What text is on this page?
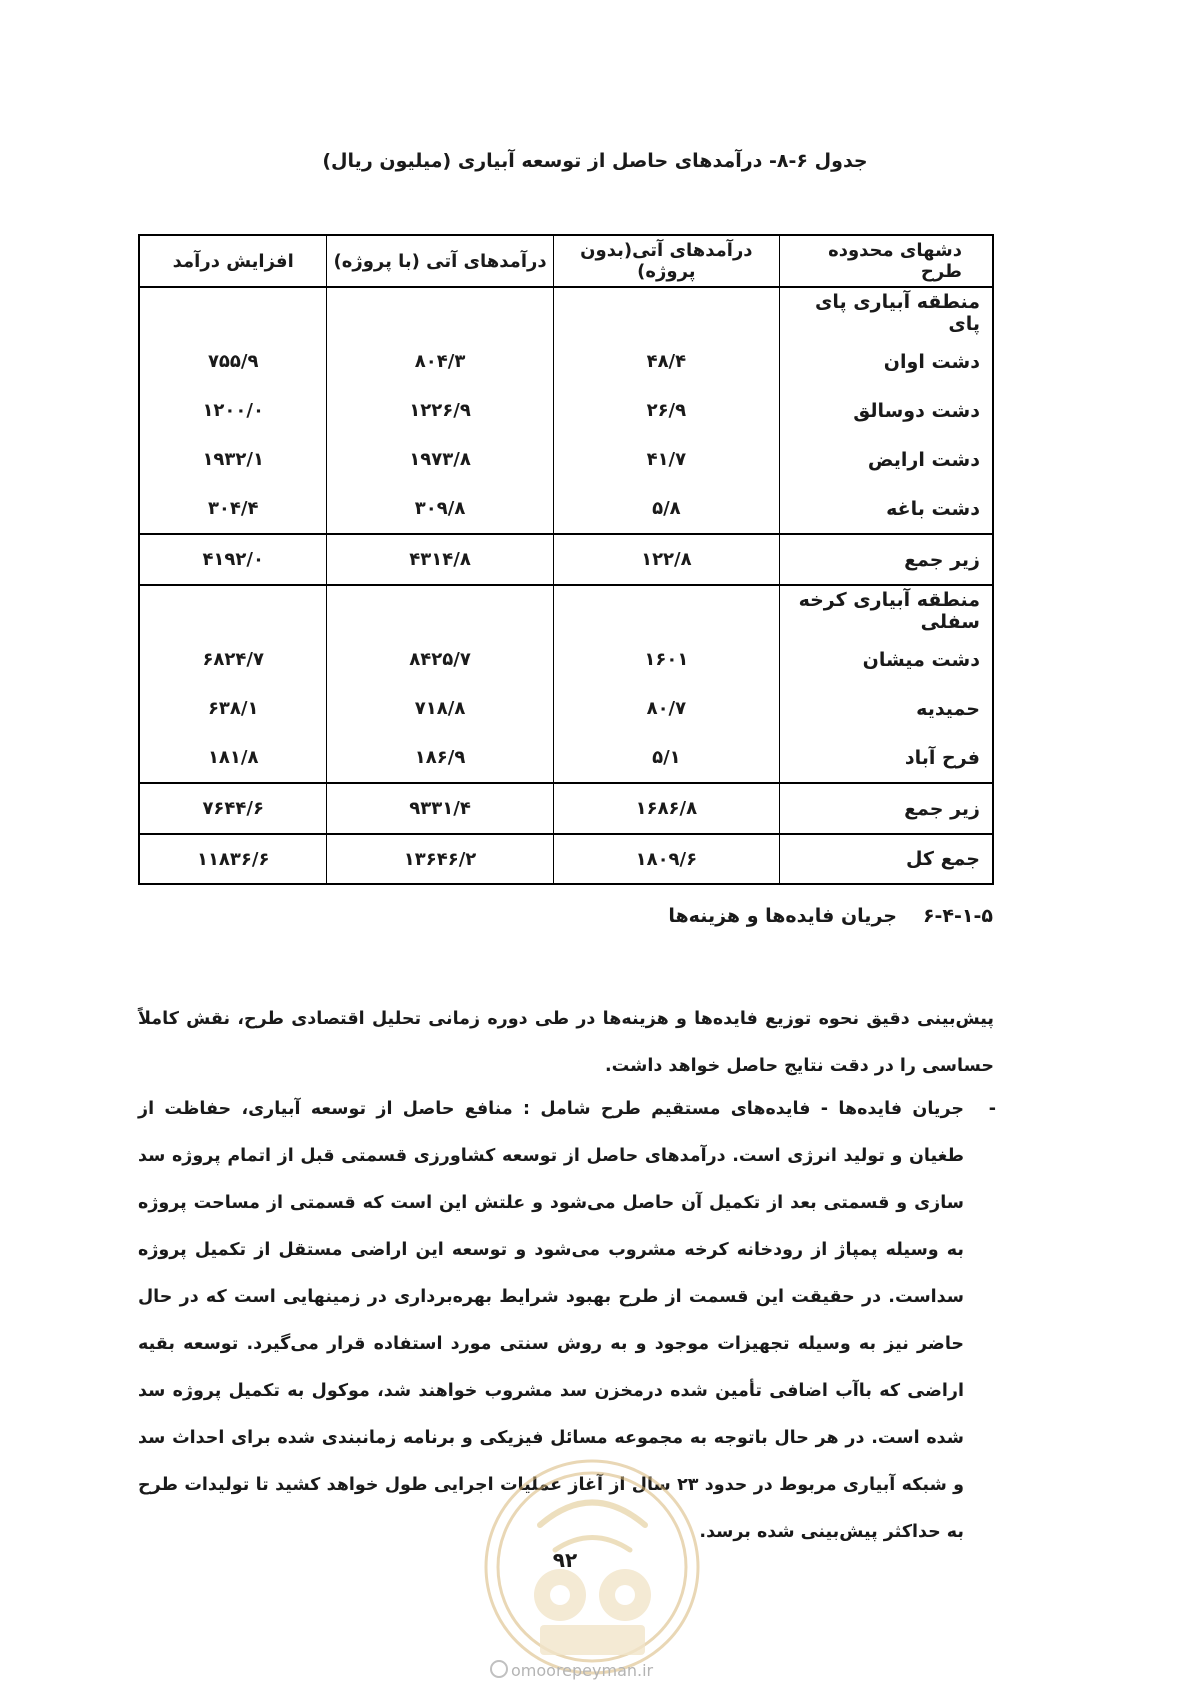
جدول ۶-۸- درآمدهای حاصل از توسعه آبیاری (میلیون ریال)
دشهای محدوده طرح	درآمدهای آتی(بدون پروژه)	درآمدهای آتی (با پروژه)	افزایش درآمد
منطقه آبیاری پای پای			
دشت اوان	۴۸/۴	۸۰۴/۳	۷۵۵/۹
دشت دوسالق	۲۶/۹	۱۲۲۶/۹	۱۲۰۰/۰
دشت ارایض	۴۱/۷	۱۹۷۳/۸	۱۹۳۲/۱
دشت باغه	۵/۸	۳۰۹/۸	۳۰۴/۴
زیر جمع	۱۲۲/۸	۴۳۱۴/۸	۴۱۹۲/۰
منطقه آبیاری کرخه سفلی			
دشت میشان	۱۶۰۱	۸۴۲۵/۷	۶۸۲۴/۷
حمیدیه	۸۰/۷	۷۱۸/۸	۶۳۸/۱
فرح آباد	۵/۱	۱۸۶/۹	۱۸۱/۸
زیر جمع	۱۶۸۶/۸	۹۳۳۱/۴	۷۶۴۴/۶
جمع کل	۱۸۰۹/۶	۱۳۶۴۶/۲	۱۱۸۳۶/۶
۶-۴-۱-۵جریان فایده‌ها و هزینه‌ها
پیش‌بینی دقیق نحوه توزیع فایده‌ها و هزینه‌ها در طی دوره زمانی تحلیل اقتصادی طرح، نقش کاملاً حساسی را در دقت نتایج حاصل خواهد داشت.
-
جریان فایده‌ها - فایده‌های مستقیم طرح شامل : منافع حاصل از توسعه آبیاری، حفاظت از طغیان و تولید انرژی است. درآمدهای حاصل از توسعه کشاورزی قسمتی قبل از اتمام پروژه سد سازی و قسمتی بعد از تکمیل آن حاصل می‌شود و علتش این است که قسمتی از مساحت پروژه به وسیله پمپاژ از رودخانه کرخه مشروب می‌شود و توسعه این اراضی مستقل از تکمیل پروژه سداست. در حقیقت این قسمت از طرح بهبود شرایط بهره‌برداری در زمینهایی است که در حال حاضر نیز به وسیله تجهیزات موجود و به روش سنتی مورد استفاده قرار می‌گیرد. توسعه بقیه اراضی که باآب اضافی تأمین شده درمخزن سد مشروب خواهند شد، موکول به تکمیل پروژه سد شده است. در هر حال باتوجه به مجموعه مسائل فیزیکی و برنامه زمانبندی شده برای احداث سد و شبکه آبیاری مربوط در حدود ۲۳ سال از آغاز عملیات اجرایی طول خواهد کشید تا تولیدات طرح به حداکثر پیش‌بینی شده برسد.
۹۲
omoorepeyman.ir
